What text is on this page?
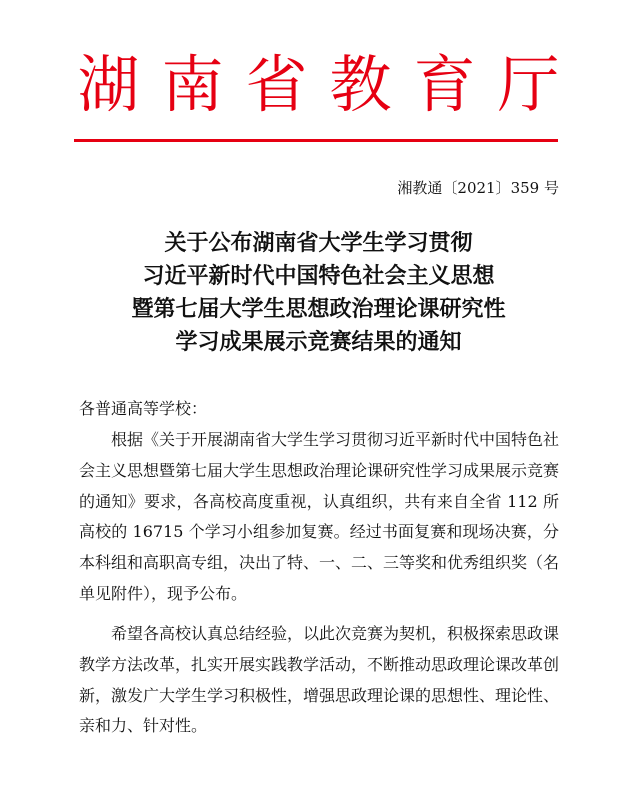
湖南省教育厅
湘教通〔2021〕359 号
关于公布湖南省大学生学习贯彻
习近平新时代中国特色社会主义思想
暨第七届大学生思想政治理论课研究性
学习成果展示竞赛结果的通知
各普通高等学校：

根据《关于开展湖南省大学生学习贯彻习近平新时代中国特色社会主义思想暨第七届大学生思想政治理论课研究性学习成果展示竞赛的通知》要求，各高校高度重视，认真组织，共有来自全省 112 所高校的 16715 个学习小组参加复赛。经过书面复赛和现场决赛，分本科组和高职高专组，决出了特、一、二、三等奖和优秀组织奖（名单见附件），现予公布。

希望各高校认真总结经验，以此次竞赛为契机，积极探索思政课教学方法改革，扎实开展实践教学活动，不断推动思政理论课改革创新，激发广大学生学习积极性，增强思政理论课的思想性、理论性、亲和力、针对性。
